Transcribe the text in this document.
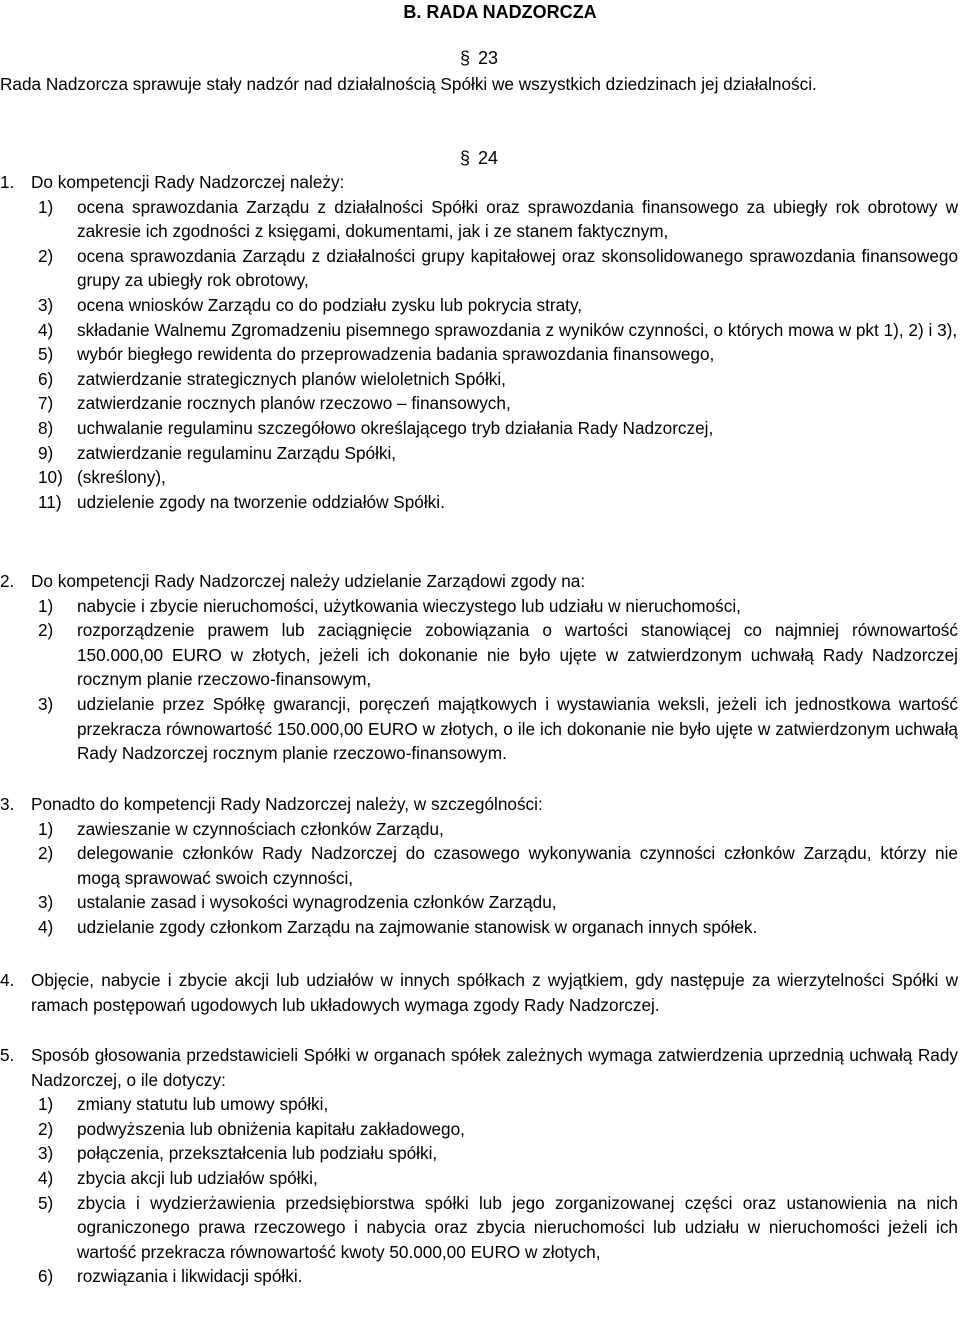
B. RADA NADZORCZA
§ 23
Rada Nadzorcza sprawuje stały nadzór nad działalnością Spółki we wszystkich dziedzinach jej działalności.
§ 24
1. Do kompetencji Rady Nadzorczej należy:
1) ocena sprawozdania Zarządu z działalności Spółki oraz sprawozdania finansowego za ubiegły rok obrotowy w zakresie ich zgodności z księgami, dokumentami, jak i ze stanem faktycznym,
2) ocena sprawozdania Zarządu z działalności grupy kapitałowej oraz skonsolidowanego sprawozdania finansowego grupy za ubiegły rok obrotowy,
3) ocena wniosków Zarządu co do podziału zysku lub pokrycia straty,
4) składanie Walnemu Zgromadzeniu pisemnego sprawozdania z wyników czynności, o których mowa w pkt 1), 2) i 3),
5) wybór biegłego rewidenta do przeprowadzenia badania sprawozdania finansowego,
6) zatwierdzanie strategicznych planów wieloletnich Spółki,
7) zatwierdzanie rocznych planów rzeczowo – finansowych,
8) uchwalanie regulaminu szczegółowo określającego tryb działania Rady Nadzorczej,
9) zatwierdzanie regulaminu Zarządu Spółki,
10) (skreślony),
11) udzielenie zgody na tworzenie oddziałów Spółki.
2. Do kompetencji Rady Nadzorczej należy udzielanie Zarządowi zgody na:
1) nabycie i zbycie nieruchomości, użytkowania wieczystego lub udziału w nieruchomości,
2) rozporządzenie prawem lub zaciągnięcie zobowiązania o wartości stanowiącej co najmniej równowartość 150.000,00 EURO w złotych, jeżeli ich dokonanie nie było ujęte w zatwierdzonym uchwałą Rady Nadzorczej rocznym planie rzeczowo-finansowym,
3) udzielanie przez Spółkę gwarancji, poręczeń majątkowych i wystawiania weksli, jeżeli ich jednostkowa wartość przekracza równowartość 150.000,00 EURO w złotych, o ile ich dokonanie nie było ujęte w zatwierdzonym uchwałą Rady Nadzorczej rocznym planie rzeczowo-finansowym.
3. Ponadto do kompetencji Rady Nadzorczej należy, w szczególności:
1) zawieszanie w czynnościach członków Zarządu,
2) delegowanie członków Rady Nadzorczej do czasowego wykonywania czynności członków Zarządu, którzy nie mogą sprawować swoich czynności,
3) ustalanie zasad i wysokości wynagrodzenia członków Zarządu,
4) udzielanie zgody członkom Zarządu na zajmowanie stanowisk w organach innych spółek.
4. Objęcie, nabycie i zbycie akcji lub udziałów w innych spółkach z wyjątkiem, gdy następuje za wierzytelności Spółki w ramach postępowań ugodowych lub układowych wymaga zgody Rady Nadzorczej.
5. Sposób głosowania przedstawicieli Spółki w organach spółek zależnych wymaga zatwierdzenia uprzednią uchwałą Rady Nadzorczej, o ile dotyczy:
1) zmiany statutu lub umowy spółki,
2) podwyższenia lub obniżenia kapitału zakładowego,
3) połączenia, przekształcenia lub podziału spółki,
4) zbycia akcji lub udziałów spółki,
5) zbycia i wydzierżawienia przedsiębiorstwa spółki lub jego zorganizowanej części oraz ustanowienia na nich ograniczonego prawa rzeczowego i nabycia oraz zbycia nieruchomości lub udziału w nieruchomości jeżeli ich wartość przekracza równowartość kwoty 50.000,00 EURO w złotych,
6) rozwiązania i likwidacji spółki.
